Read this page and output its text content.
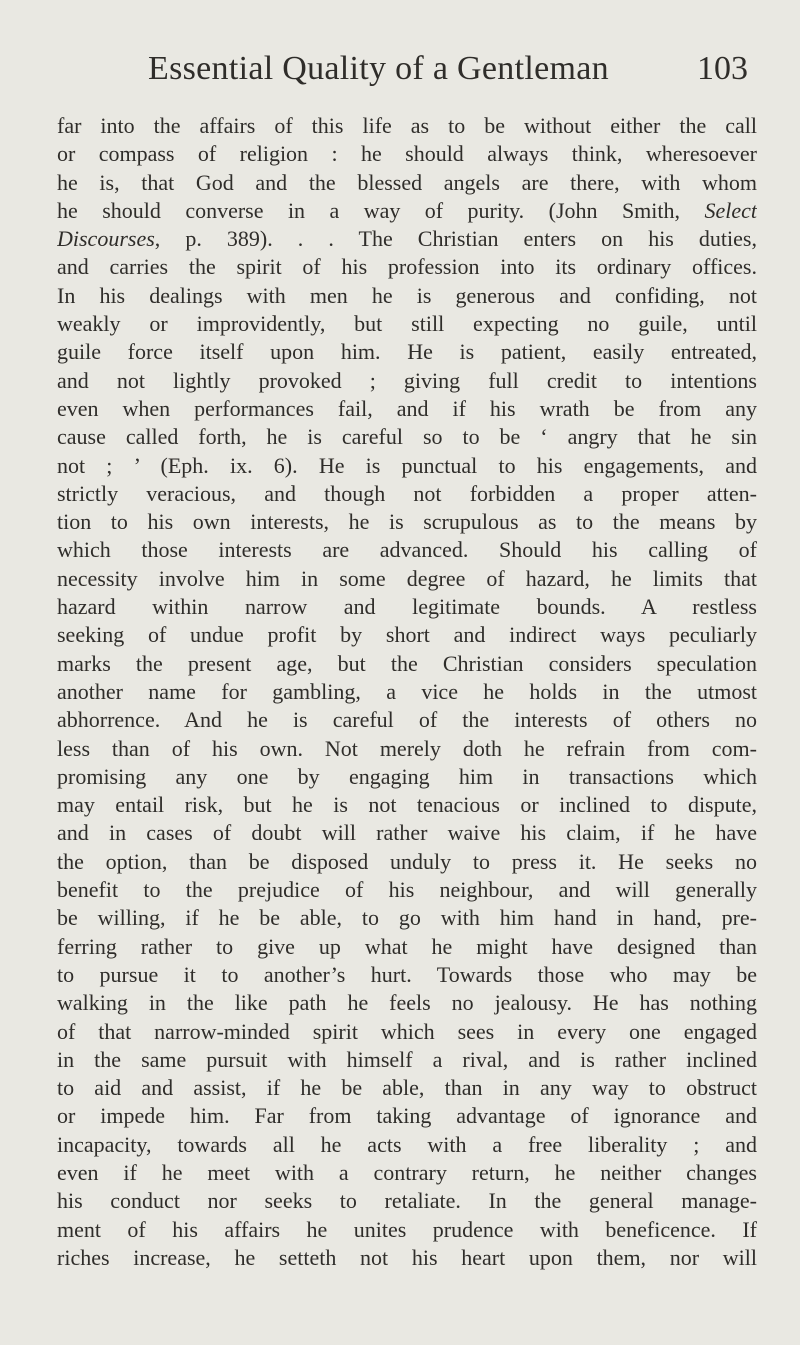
Essential Quality of a Gentleman	103
far into the affairs of this life as to be without either the call
or compass of religion : he should always think, wheresoever
he is, that God and the blessed angels are there, with whom
he should converse in a way of purity. (John Smith, Select
Discourses, p. 389). . . The Christian enters on his duties,
and carries the spirit of his profession into its ordinary offices.
In his dealings with men he is generous and confiding, not
weakly or improvidently, but still expecting no guile, until
guile force itself upon him. He is patient, easily entreated,
and not lightly provoked ; giving full credit to intentions
even when performances fail, and if his wrath be from any
cause called forth, he is careful so to be ‘ angry that he sin
not ; ’ (Eph. ix. 6). He is punctual to his engagements, and
strictly veracious, and though not forbidden a proper atten-
tion to his own interests, he is scrupulous as to the means by
which those interests are advanced. Should his calling of
necessity involve him in some degree of hazard, he limits that
hazard within narrow and legitimate bounds. A restless
seeking of undue profit by short and indirect ways peculiarly
marks the present age, but the Christian considers speculation
another name for gambling, a vice he holds in the utmost
abhorrence. And he is careful of the interests of others no
less than of his own. Not merely doth he refrain from com-
promising any one by engaging him in transactions which
may entail risk, but he is not tenacious or inclined to dispute,
and in cases of doubt will rather waive his claim, if he have
the option, than be disposed unduly to press it. He seeks no
benefit to the prejudice of his neighbour, and will generally
be willing, if he be able, to go with him hand in hand, pre-
ferring rather to give up what he might have designed than
to pursue it to another’s hurt. Towards those who may be
walking in the like path he feels no jealousy. He has nothing
of that narrow-minded spirit which sees in every one engaged
in the same pursuit with himself a rival, and is rather inclined
to aid and assist, if he be able, than in any way to obstruct
or impede him. Far from taking advantage of ignorance and
incapacity, towards all he acts with a free liberality ; and
even if he meet with a contrary return, he neither changes
his conduct nor seeks to retaliate. In the general manage-
ment of his affairs he unites prudence with beneficence. If
riches increase, he setteth not his heart upon them, nor will
